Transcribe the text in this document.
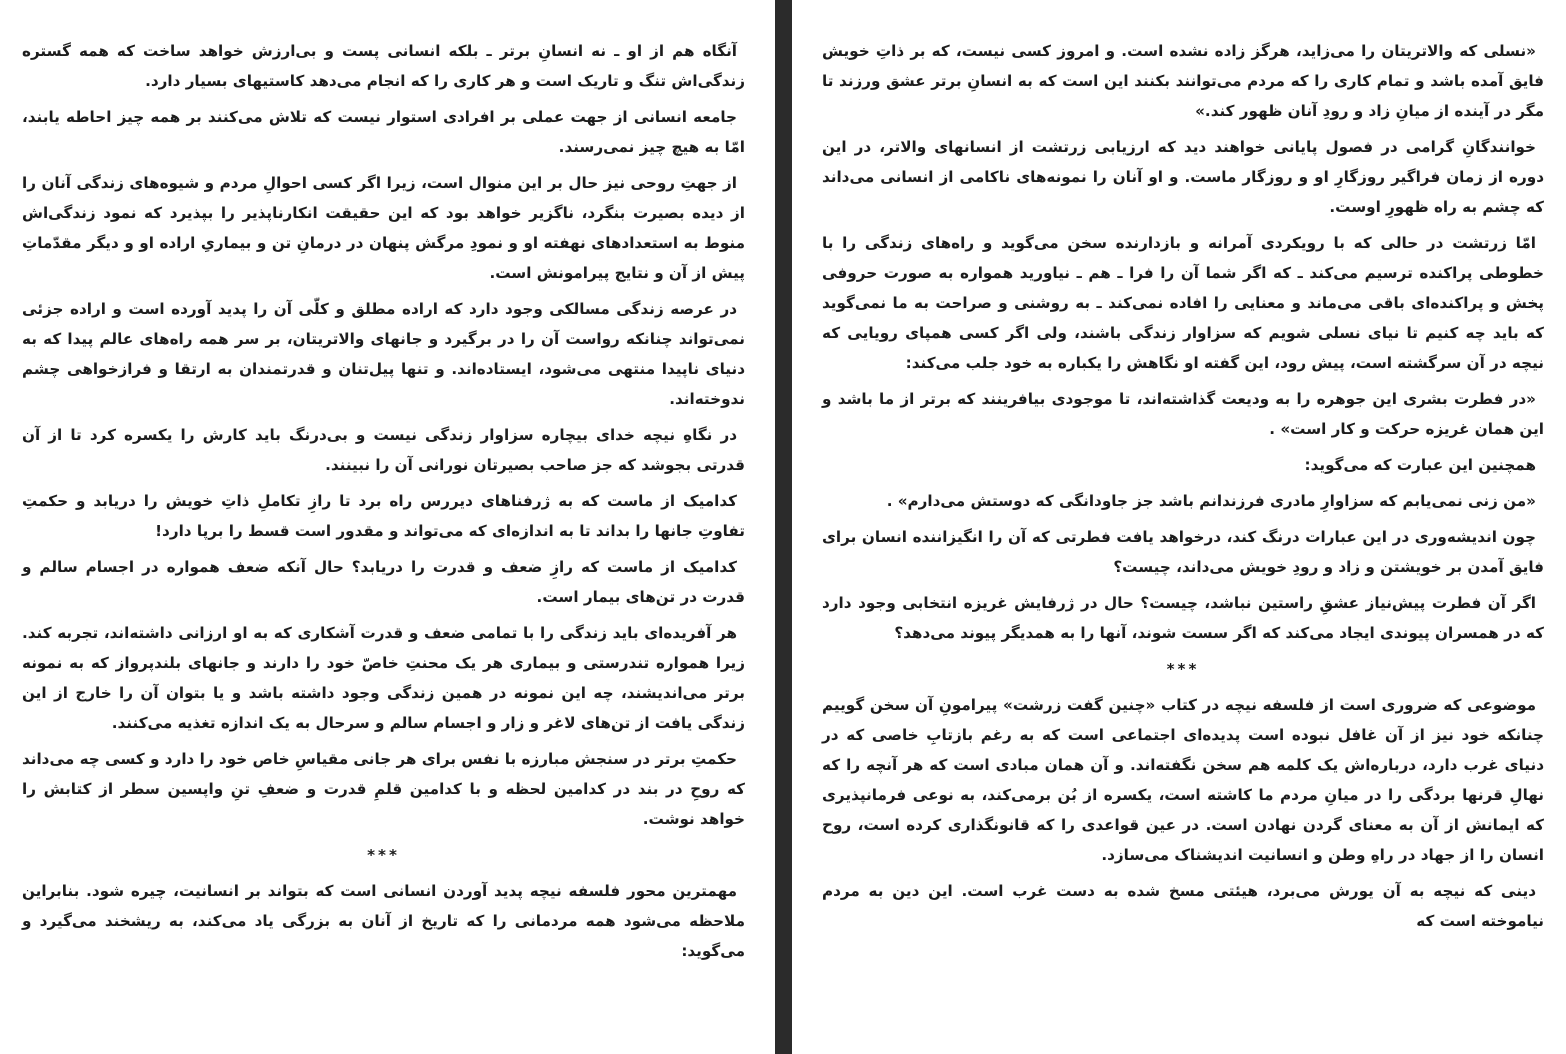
آنگاه هم از او ـ نه انسانِ برتر ـ بلکه انسانی پست و بی‌ارزش خواهد ساخت که همه گستره زندگی‌اش تنگ و تاریک است و هر کاری را که انجام می‌دهد کاستیهای بسیار دارد.

جامعه انسانی از جهت عملی بر افرادی استوار نیست که تلاش می‌کنند بر همه چیز احاطه یابند، امّا به هیچ چیز نمی‌رسند.

از جهتِ روحی نیز حال بر این منوال است، زیرا اگر کسی احوالِ مردم و شیوه‌های زندگی آنان را از دیده بصیرت بنگرد، ناگزیر خواهد بود که این حقیقت انکارناپذیر را بپذیرد که نمود زندگی‌اش منوط به استعدادهای نهفته او و نمودِ مرگش پنهان در درمانِ تن و بیماریِ اراده او و دیگر مقدّماتِ پیش از آن و نتایج پیرامونش است.

در عرصه زندگی مسالکی وجود دارد که اراده مطلق و کلّی آن را پدید آورده است و اراده جزئی نمی‌تواند چنانکه رواست آن را در برگیرد و جانهای والاتریتان، بر سر همه راه‌های عالم پیدا که به دنیای ناپیدا منتهی می‌شود، ایستاده‌اند. و تنها پیل‌تنان و قدرتمندان به ارتقا و فرازخواهی چشم ندوخته‌اند.

در نگاهِ نیچه خدای بیچاره سزاوار زندگی نیست و بی‌درنگ باید کارش را یکسره کرد تا از آن قدرتی بجوشد که جز صاحب بصیرتان نورانی آن را نبینند.

کدامیک از ماست که به ژرفناهای دیررس راه برد تا رازِ تکاملِ ذاتِ خویش را دریابد و حکمتِ تفاوتِ جانها را بداند تا به اندازه‌ای که می‌تواند و مقدور است قسط را برپا دارد!

کدامیک از ماست که رازِ ضعف و قدرت را دریابد؟ حال آنکه ضعف همواره در اجسام سالم و قدرت در تن‌های بیمار است.

هر آفریده‌ای باید زندگی را با تمامی ضعف و قدرت آشکاری که به او ارزانی داشته‌اند، تجربه کند. زیرا همواره تندرستی و بیماری هر یک محنتِ خاصّ خود را دارند و جانهای بلندپرواز که به نمونه برتر می‌اندیشند، چه این نمونه در همین زندگی وجود داشته باشد و یا بتوان آن را خارج از این زندگی یافت از تن‌های لاغر و زار و اجسام سالم و سرحال به یک اندازه تغذیه می‌کنند.

حکمتِ برتر در سنجش مبارزه با نفس برای هر جانی مقیاسِ خاص خود را دارد و کسی چه می‌داند که روحِ در بند در کدامین لحظه و با کدامین قلمِ قدرت و ضعفِ تنِ واپسین سطر از کتابش را خواهد نوشت.

***

مهمترین محور فلسفه نیچه پدید آوردن انسانی است که بتواند بر انسانیت، چیره شود. بنابراین ملاحظه می‌شود همه مردمانی را که تاریخ از آنان به بزرگی یاد می‌کند، به ریشخند می‌گیرد و می‌گوید:

«نسلی که والاتریتان را می‌زاید، هرگز زاده نشده است. و امروز کسی نیست، که بر ذاتِ خویش فایق آمده باشد و تمام کاری را که مردم می‌توانند بکنند این است که به انسانِ برتر عشق ورزند تا مگر در آینده از میانِ زاد و رودِ آنان ظهور کند.»

خوانندگانِ گرامی در فصول پایانی خواهند دید که ارزیابی زرتشت از انسانهای والاتر، در این دوره از زمان فراگیر روزگارِ او و روزگار ماست. و او آنان را نمونه‌های ناکامی از انسانی می‌داند که چشم به راه ظهورِ اوست.

امّا زرتشت در حالی که با رویکردی آمرانه و بازدارنده سخن می‌گوید و راه‌های زندگی را با خطوطی پراکنده ترسیم می‌کند ـ که اگر شما آن را فرا ـ هم ـ نیاورید همواره به صورت حروفی پخش و پراکنده‌ای باقی می‌ماند و معنایی را افاده نمی‌کند ـ به روشنی و صراحت به ما نمی‌گوید که باید چه کنیم تا نیای نسلی شویم که سزاوار زندگی باشند، ولی اگر کسی همپای رویایی که نیچه در آن سرگشته است، پیش رود، این گفته او نگاهش را یکباره به خود جلب می‌کند:

«در فطرت بشری این جوهره را به ودیعت گذاشته‌اند، تا موجودی بیافرینند که برتر از ما باشد و این همان غریزه حرکت و کار است» .

همچنین این عبارت که می‌گوید:

«من زنی نمی‌یابم که سزاوارِ مادری فرزندانم باشد جز جاودانگی که دوستش می‌دارم» .

چون اندیشه‌وری در این عبارات درنگ کند، درخواهد یافت فطرتی که آن را انگیزاننده انسان برای فایق آمدن بر خویشتن و زاد و رودِ خویش می‌داند، چیست؟

اگر آن فطرت پیش‌نیاز عشقِ راستین نباشد، چیست؟ حال در ژرفایش غریزه انتخابی وجود دارد که در همسران پیوندی ایجاد می‌کند که اگر سست شوند، آنها را به همدیگر پیوند می‌دهد؟

***

موضوعی که ضروری است از فلسفه نیچه در کتاب «چنین گفت زرشت» پیرامونِ آن سخن گوییم چنانکه خود نیز از آن غافل نبوده است پدیده‌ای اجتماعی است که به رغم بازتابِ خاصی که در دنیای غرب دارد، درباره‌اش یک کلمه هم سخن نگفته‌اند. و آن همان مبادی است که هر آنچه را که نهالِ قرنها بردگی را در میانِ مردم ما کاشته است، یکسره از بُن برمی‌کند، به نوعی فرمانپذیری که ایمانش از آن به معنای گردن نهادن است. در عین قواعدی را که قانونگذاری کرده است، روح انسان را از جهاد در راهِ وطن و انسانیت اندیشناک می‌سازد.

دینی که نیچه به آن یورش می‌برد، هیئتی مسخ شده به دست غرب است. این دین به مردم نیاموخته است که
